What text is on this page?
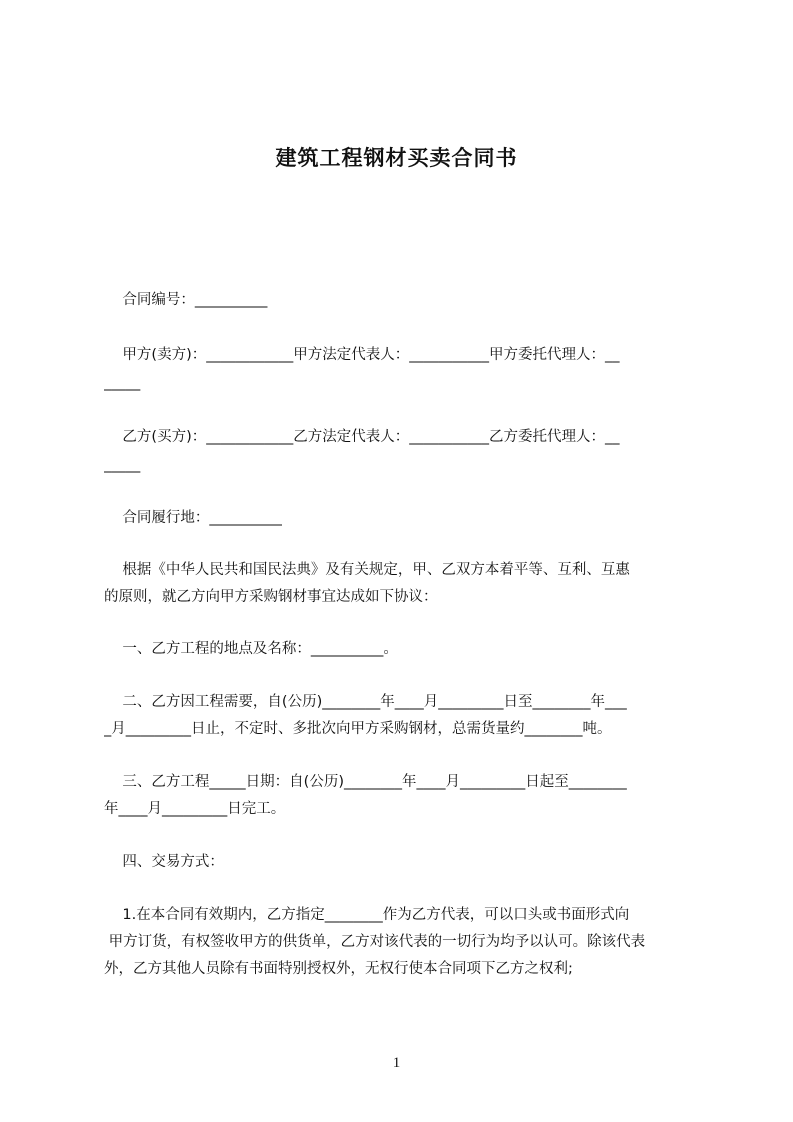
建筑工程钢材买卖合同书

合同编号：__________

甲方(卖方)：____________甲方法定代表人：___________甲方委托代理人：__

_____

乙方(买方)：____________乙方法定代表人：___________乙方委托代理人：__

_____

合同履行地：__________

根据《中华人民共和国民法典》及有关规定，甲、乙双方本着平等、互利、互惠

的原则，就乙方向甲方采购钢材事宜达成如下协议：

一、乙方工程的地点及名称：__________。

二、乙方因工程需要，自(公历)________年____月_________日至________年___

_月_________日止，不定时、多批次向甲方采购钢材，总需货量约________吨。

三、乙方工程_____日期：自(公历)________年____月_________日起至________

年____月_________日完工。

四、交易方式：

1.在本合同有效期内，乙方指定________作为乙方代表，可以口头或书面形式向

甲方订货，有权签收甲方的供货单，乙方对该代表的一切行为均予以认可。除该代表

外，乙方其他人员除有书面特别授权外，无权行使本合同项下乙方之权利;

1
